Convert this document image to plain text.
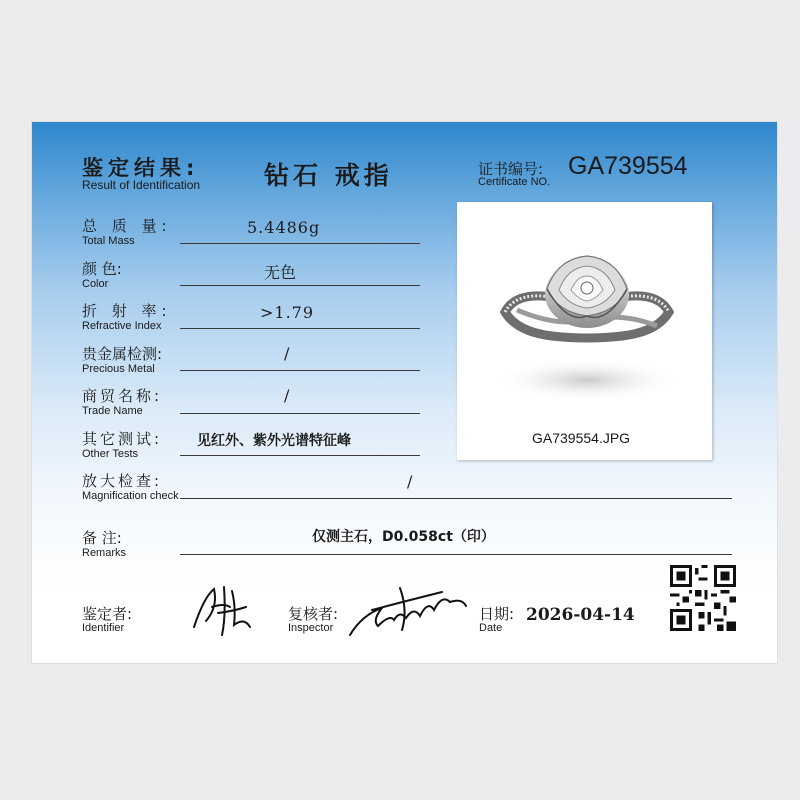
鉴定结果:
Result of Identification	钻石 戒指	证书编号:
Certificate NO.
GA739554
总 质 量:
Total Mass
5.4486g
颜 色:
Color
无色
折 射 率:
Refractive Index
>1.79
贵金属检测:
Precious Metal
/
商贸名称:
Trade Name
/
其它测试:
Other Tests
见红外、紫外光谱特征峰
放大检查:
Magnification check
/
备 注:
Remarks
仅测主石，D0.058ct（印）
GA739554.JPG
鉴定者:
Identifier
复核者:
Inspector
日期:
Date
2026-04-14
